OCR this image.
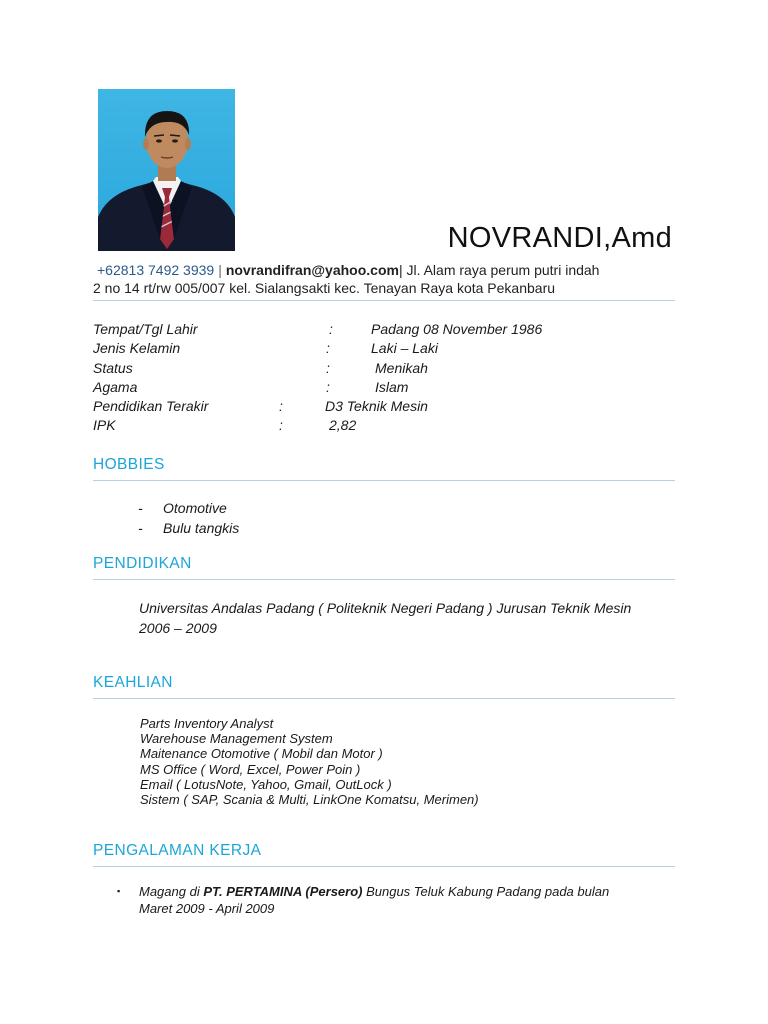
NOVRANDI,Amd
+62813 7492 3939 | novrandifran@yahoo.com| Jl. Alam raya perum putri indah
2 no 14 rt/rw 005/007 kel. Sialangsakti kec. Tenayan Raya kota Pekanbaru
Tempat/Tgl Lahir	:	Padang 08 November 1986
Jenis Kelamin	:	Laki – Laki
Status	:	Menikah
Agama	:	Islam
Pendidikan Terakir	:	D3 Teknik Mesin
IPK	:	2,82
HOBBIES
- Otomotive
- Bulu tangkis
PENDIDIKAN
Universitas Andalas Padang ( Politeknik Negeri Padang ) Jurusan Teknik Mesin
2006 – 2009
KEAHLIAN
Parts Inventory Analyst
Warehouse Management System
Maitenance Otomotive ( Mobil dan Motor )
MS Office ( Word, Excel, Power Poin )
Email ( LotusNote, Yahoo, Gmail, OutLock )
Sistem ( SAP, Scania & Multi, LinkOne Komatsu, Merimen)
PENGALAMAN KERJA
▪ Magang di PT. PERTAMINA (Persero) Bungus Teluk Kabung Padang pada bulan
Maret 2009 - April 2009
